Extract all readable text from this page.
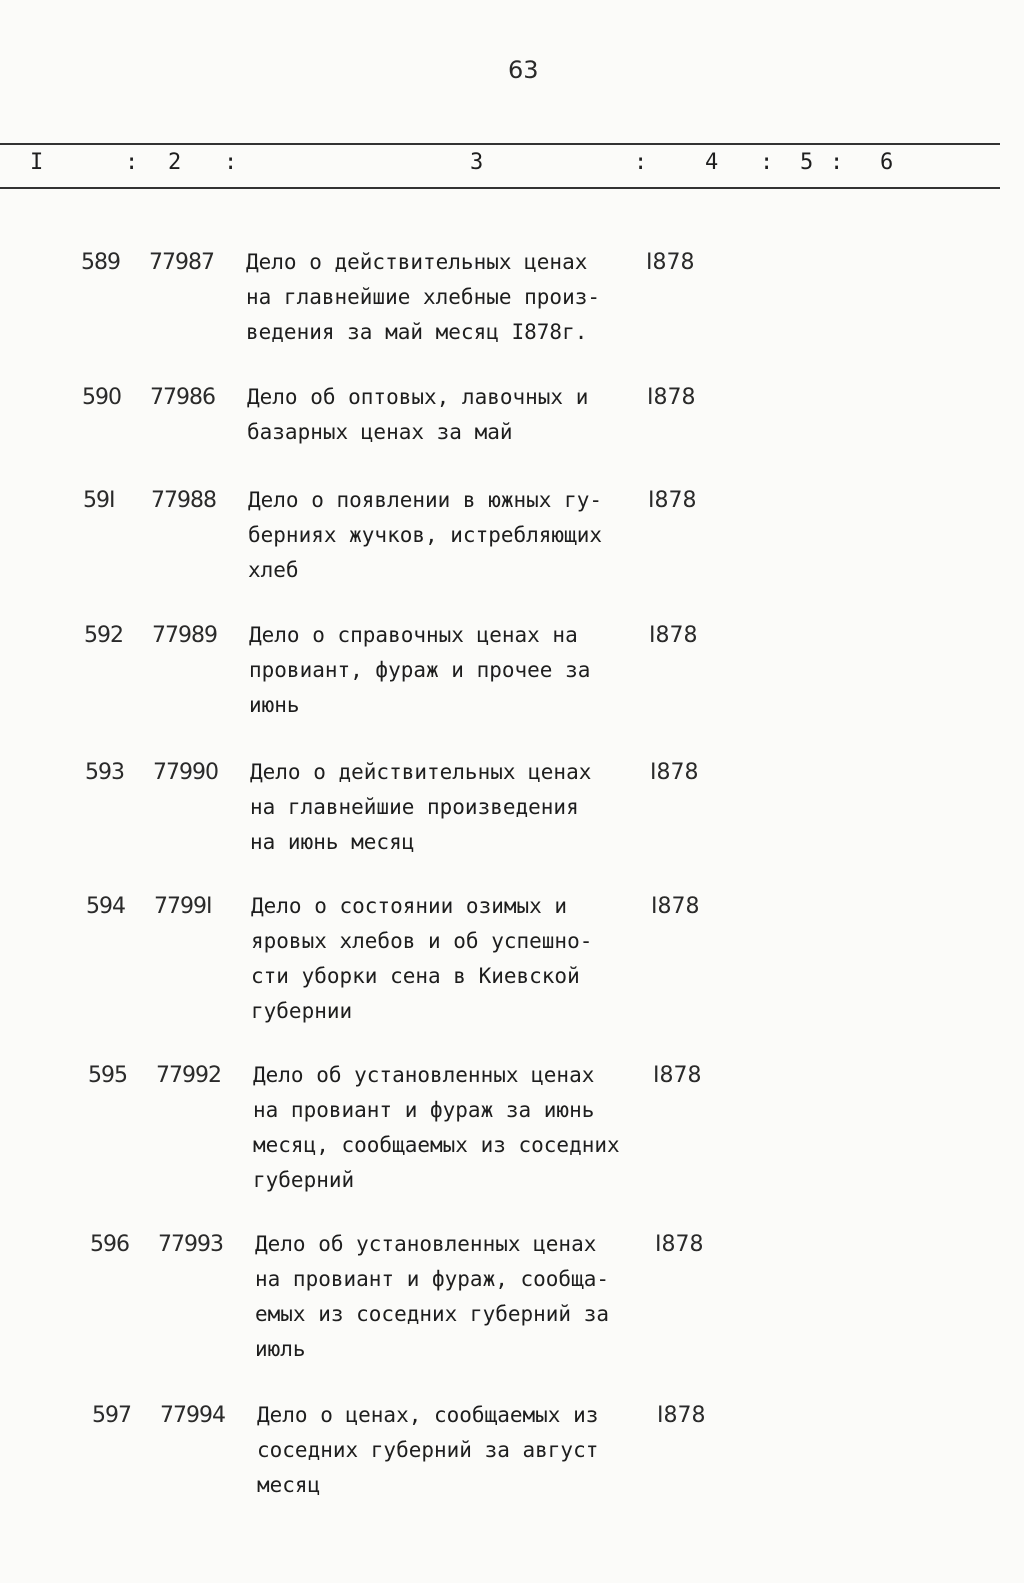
63
I	: 2 :	3	:	4 : 5 : 6
589 77987 Дело о действительных ценах
на главнейшие хлебные произ-
ведения за май месяц I878г.
I878
590 77986 Дело об оптовых, лавочных и
базарных ценах за май
I878
59I 77988 Дело о появлении в южных гу-
берниях жучков, истребляющих
хлеб
I878
592 77989 Дело о справочных ценах на
провиант, фураж и прочее за
июнь
I878
593 77990 Дело о действительных ценах
на главнейшие произведения
на июнь месяц
I878
594 7799I Дело о состоянии озимых и
яровых хлебов и об успешно-
сти уборки сена в Киевской
губернии
I878
595 77992 Дело об установленных ценах
на провиант и фураж за июнь
месяц, сообщаемых из соседних
губерний
I878
596 77993 Дело об установленных ценах
на провиант и фураж, сообща-
емых из соседних губерний за
июль
I878
597 77994 Дело о ценах, сообщаемых из
соседних губерний за август
месяц
I878
